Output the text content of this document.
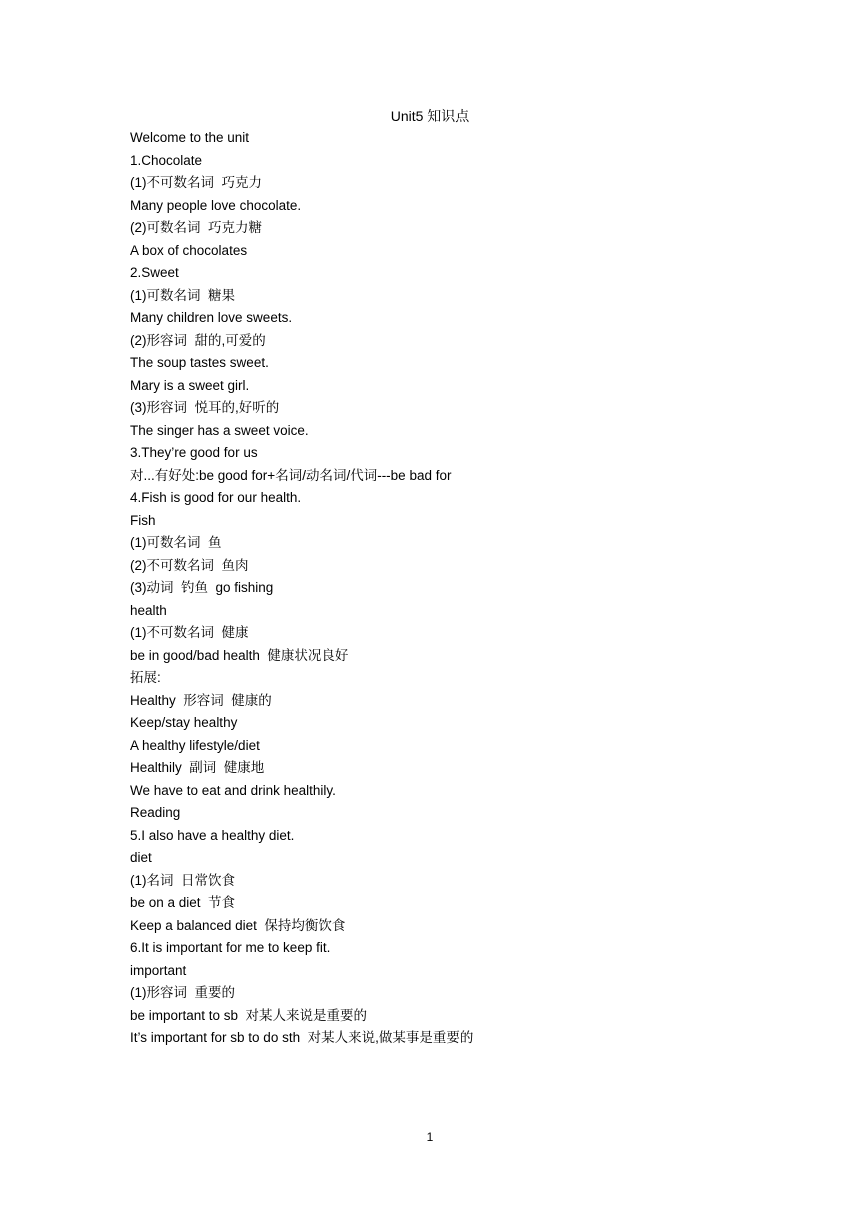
Unit5 知识点
Welcome to the unit
1.Chocolate
(1)不可数名词  巧克力
Many people love chocolate.
(2)可数名词  巧克力糖
A box of chocolates
2.Sweet
(1)可数名词  糖果
Many children love sweets.
(2)形容词  甜的,可爱的
The soup tastes sweet.
Mary is a sweet girl.
(3)形容词  悦耳的,好听的
The singer has a sweet voice.
3.They’re good for us
对...有好处:be good for+名词/动名词/代词---be bad for
4.Fish is good for our health.
Fish
(1)可数名词  鱼
(2)不可数名词  鱼肉
(3)动词  钓鱼  go fishing
health
(1)不可数名词  健康
be in good/bad health  健康状况良好
拓展:
Healthy  形容词  健康的
Keep/stay healthy
A healthy lifestyle/diet
Healthily  副词  健康地
We have to eat and drink healthily.
Reading
5.I also have a healthy diet.
diet
(1)名词  日常饮食
be on a diet  节食
Keep a balanced diet  保持均衡饮食
6.It is important for me to keep fit.
important
(1)形容词  重要的
be important to sb  对某人来说是重要的
It’s important for sb to do sth  对某人来说,做某事是重要的
1
